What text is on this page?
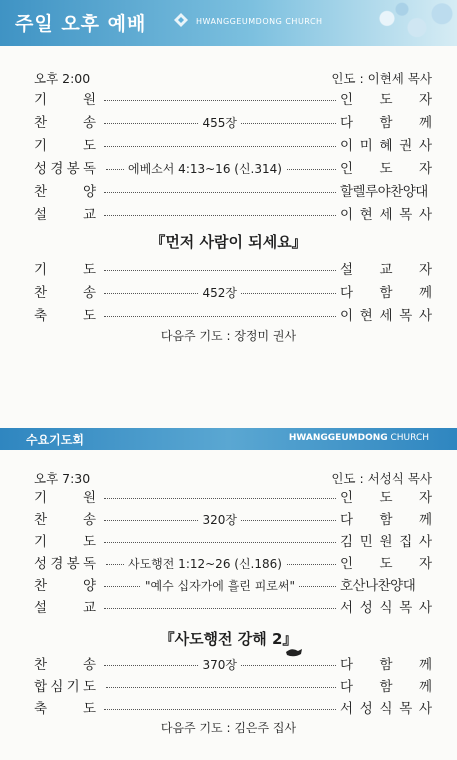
주일 오후 예배	HWANGGEUMDONG CHURCH
오후 2:00	인도 : 이현세 목사
기	원	인 도 자
찬	송	455장	다 함 께
기	도	이 미 혜 권 사
성 경 봉 독	에베소서 4:13~16 (신.314)	인 도 자
찬	양	할렐루야찬양대
설	교	이 현 세 목 사
『먼저 사람이 되세요』
기	도	설 교 자
찬	송	452장	다 함 께
축	도	이 현 세 목 사
다음주 기도 : 장정미 권사
수요기도회	HWANGGEUMDONG CHURCH
오후 7:30	인도 : 서성식 목사
기	원	인 도 자
찬	송	320장	다 함 께
기	도	김 민 원 집 사
성 경 봉 독	사도행전 1:12~26 (신.186)	인 도 자
찬	양	"예수 십자가에 흘린 피로써"	호산나찬양대
설	교	서 성 식 목 사
『사도행전 강해 2』
찬	송	370장	다 함 께
합 심 기 도	다 함 께
축	도	서 성 식 목 사
다음주 기도 : 김은주 집사
